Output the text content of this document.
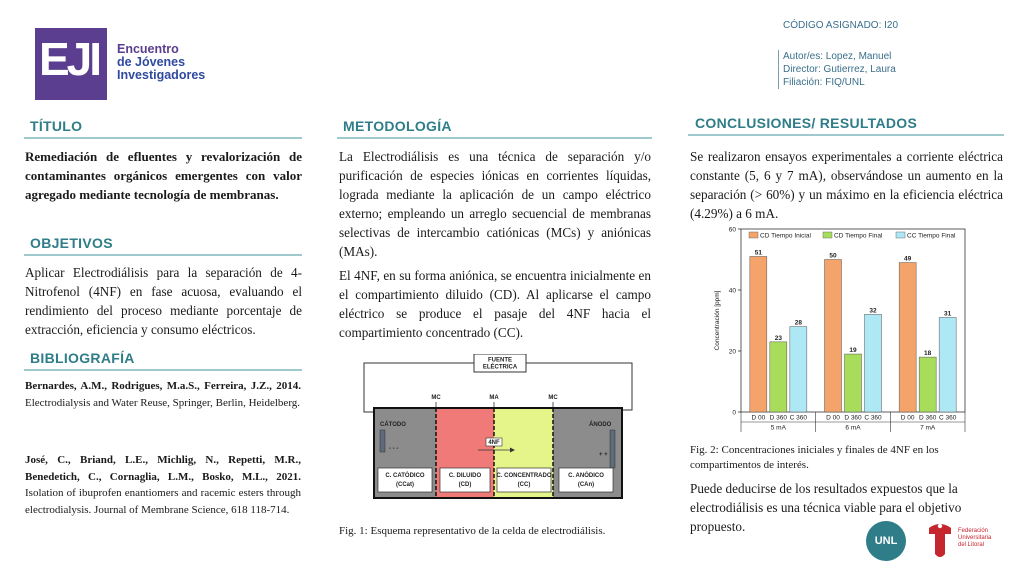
EJI Encuentro
de Jóvenes
Investigadores
CÓDIGO ASIGNADO: I20
Autor/es: Lopez, Manuel
Director: Gutierrez, Laura
Filiación: FIQ/UNL
TÍTULO
Remediación de efluentes y revalorización de contaminantes orgánicos emergentes con valor agregado mediante tecnología de membranas.
OBJETIVOS
Aplicar Electrodiálisis para la separación de 4-Nitrofenol (4NF) en fase acuosa, evaluando el rendimiento del proceso mediante porcentaje de extracción, eficiencia y consumo eléctricos.
BIBLIOGRAFÍA
Bernardes, A.M., Rodrigues, M.a.S., Ferreira, J.Z., 2014. Electrodialysis and Water Reuse, Springer, Berlin, Heidelberg.
José, C., Briand, L.E., Michlig, N., Repetti, M.R., Benedetich, C., Cornaglia, L.M., Bosko, M.L., 2021. Isolation of ibuprofen enantiomers and racemic esters through electrodialysis. Journal of Membrane Science, 618 118-714.
METODOLOGÍA
La Electrodiálisis es una técnica de separación y/o purificación de especies iónicas en corrientes líquidas, lograda mediante la aplicación de un campo eléctrico externo; empleando un arreglo secuencial de membranas selectivas de intercambio catiónicas (MCs) y aniónicas (MAs).
El 4NF, en su forma aniónica, se encuentra inicialmente en el compartimiento diluido (CD). Al aplicarse el campo eléctrico se produce el pasaje del 4NF hacia el compartimiento concentrado (CC).
FUENTE
ELÉCTRICA
MC	MA	MC
CÁTODO
- - -
ÁNODO
+ +
4NF
C. CATÓDICO
(CCat)
C. DILUIDO
(CD)
C. CONCENTRADO
(CC)
C. ANÓDICO
(CAn)
Fig. 1: Esquema representativo de la celda de electrodiálisis.
CONCLUSIONES/ RESULTADOS
Se realizaron ensayos experimentales a corriente eléctrica constante (5, 6 y 7 mA), observándose un aumento en la separación (> 60%) y un máximo en la eficiencia eléctrica (4.29%) a 6 mA.
0
20
40
60
Concentración [ppm]
CD Tiempo Inicial	CD Tiempo Final	CC Tiempo Final
51
D 00
23
D 360
28
C 360
5 mA
50
D 00
19
D 360
32
C 360
6 mA
49
D 00
18
D 360
31
C 360
7 mA
Fig. 2: Concentraciones iniciales y finales de 4NF en los compartimentos de interés.
Puede deducirse de los resultados expuestos que la electrodiálisis es una técnica viable para el objetivo propuesto.
UNL
Federación
Universitaria
del Litoral
